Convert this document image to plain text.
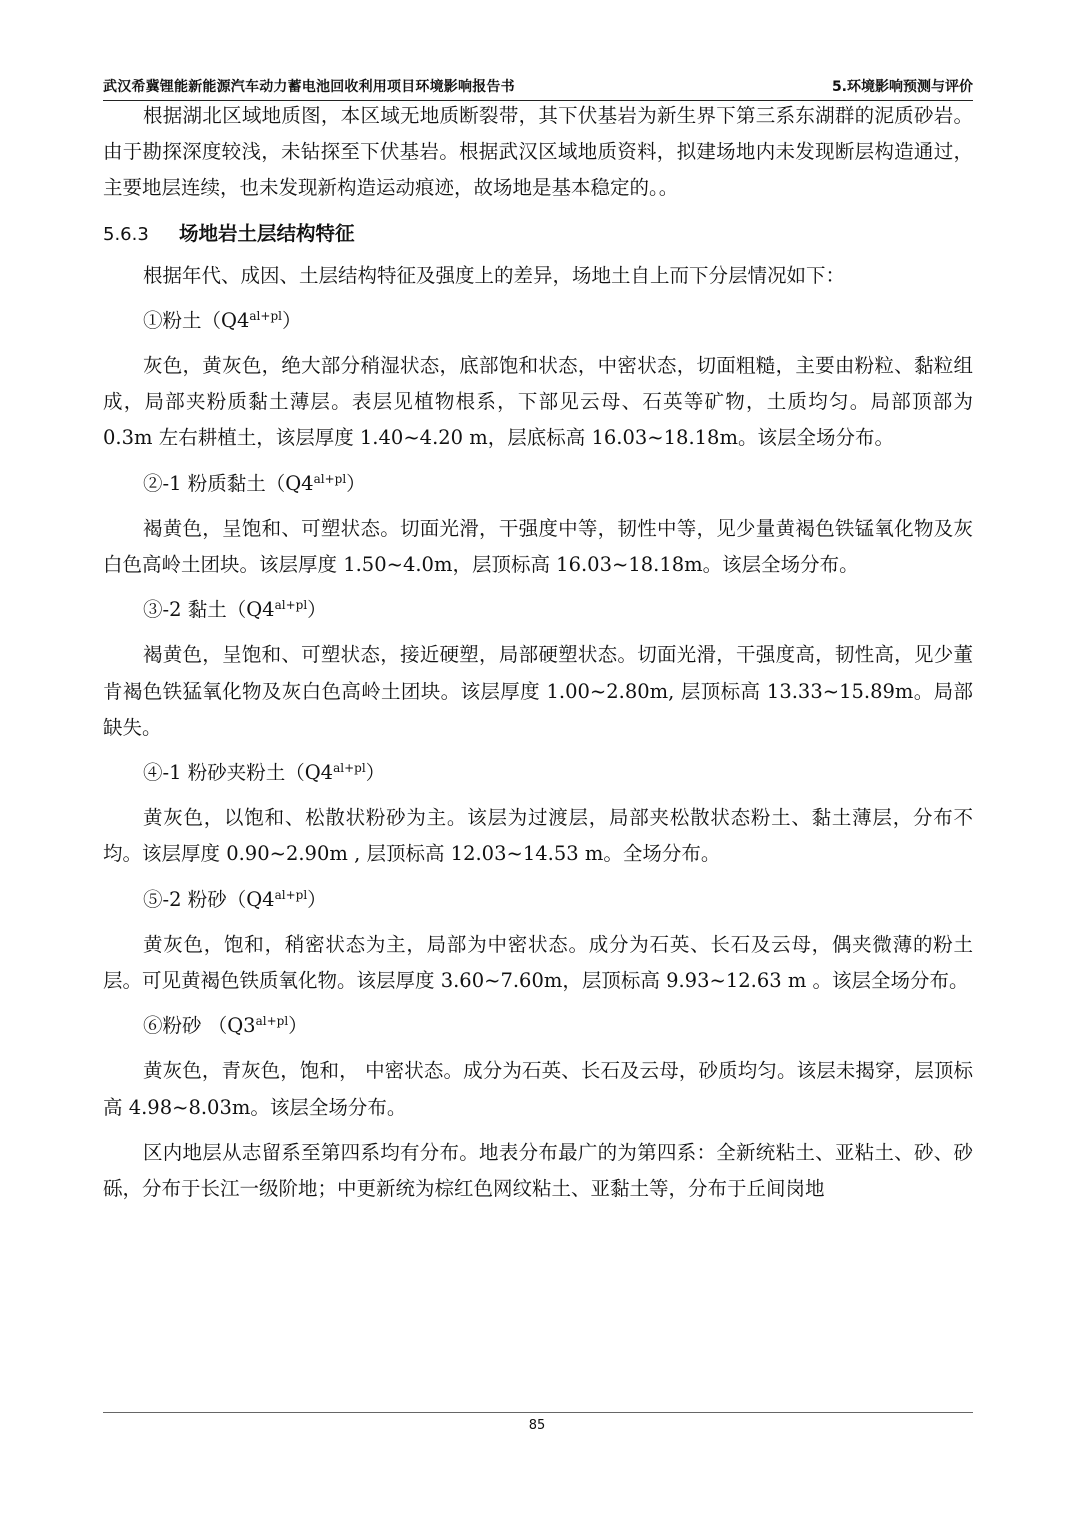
武汉希冀锂能新能源汽车动力蓄电池回收利用项目环境影响报告书	5.环境影响预测与评价

根据湖北区域地质图，本区域无地质断裂带，其下伏基岩为新生界下第三系东湖群的泥质砂岩。由于勘探深度较浅，未钻探至下伏基岩。根据武汉区域地质资料，拟建场地内未发现断层构造通过，主要地层连续，也未发现新构造运动痕迹，故场地是基本稳定的。。

5.6.3 场地岩土层结构特征

根据年代、成因、土层结构特征及强度上的差异，场地土自上而下分层情况如下：

①粉土$(Q4^{al+pl})$

灰色，黄灰色，绝大部分稍湿状态，底部饱和状态，中密状态，切面粗糙，主要由粉粒、黏粒组成，局部夹粉质黏土薄层。表层见植物根系，下部见云母、石英等矿物，土质均匀。局部顶部为 0.3m 左右耕植土，该层厚度 1.40~4.20 m，层底标高 16.03~18.18m。该层全场分布。

②-1 粉质黏土$(Q4^{al+pl})$

褐黄色，呈饱和、可塑状态。切面光滑，干强度中等，韧性中等，见少量黄褐色铁锰氧化物及灰白色高岭土团块。该层厚度 1.50~4.0m，层顶标高 16.03~18.18m。该层全场分布。

③-2 黏土$(Q4^{al+pl})$

褐黄色，呈饱和、可塑状态，接近硬塑，局部硬塑状态。切面光滑，干强度高，韧性高，见少董肯褐色铁猛氧化物及灰白色高岭土团块。该层厚度 1.00~2.80m, 层顶标高 13.33~15.89m。局部缺失。

④-1 粉砂夹粉土$(Q4^{al+pl})$

黄灰色，以饱和、松散状粉砂为主。该层为过渡层，局部夹松散状态粉土、黏土薄层，分布不均。该层厚度 0.90~2.90m , 层顶标高 12.03~14.53 m。全场分布。

⑤-2 粉砂$(Q4^{al+pl})$

黄灰色，饱和，稍密状态为主，局部为中密状态。成分为石英、长石及云母，偶夹微薄的粉土层。可见黄褐色铁质氧化物。该层厚度 3.60~7.60m，层顶标高 9.93~12.63 m 。该层全场分布。

⑥粉砂 $(Q3^{al+pl})$

黄灰色，青灰色，饱和， 中密状态。成分为石英、长石及云母，砂质均匀。该层未揭穿，层顶标高 4.98~8.03m。该层全场分布。

区内地层从志留系至第四系均有分布。地表分布最广的为第四系：全新统粘土、亚粘土、砂、砂砾，分布于长江一级阶地；中更新统为棕红色网纹粘土、亚黏土等，分布于丘间岗地

85
